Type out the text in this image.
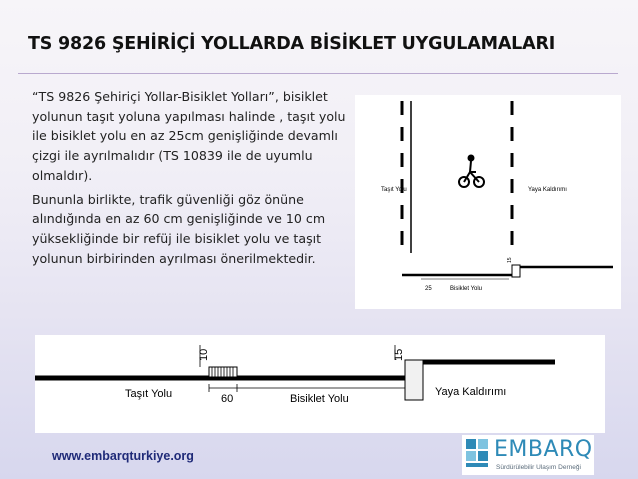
TS 9826 ŞEHİRİÇİ YOLLARDA BİSİKLET UYGULAMALARI

“TS 9826 Şehiriçi Yollar-Bisiklet Yolları”, bisiklet yolunun taşıt yoluna yapılması halinde , taşıt yolu ile bisiklet yolu en az 25cm genişliğinde devamlı çizgi ile ayrılmalıdır (TS 10839 ile de uyumlu olmaldır).

Bununla birlikte, trafik güvenliği göz önüne alındığında en az 60 cm genişliğinde ve 10 cm yüksekliğinde bir refüj ile bisiklet yolu ve taşıt yolunun birbirinden ayrılması önerilmektedir.

Taşıt Yolu	Yaya Kaldırımı
25	Bisiklet Yolu
15
10	15
Taşıt Yolu	60	Bisiklet Yolu
Yaya Kaldırımı
www.embarqturkiye.org	EMBARQ
Sürdürülebilir Ulaşım Derneği
